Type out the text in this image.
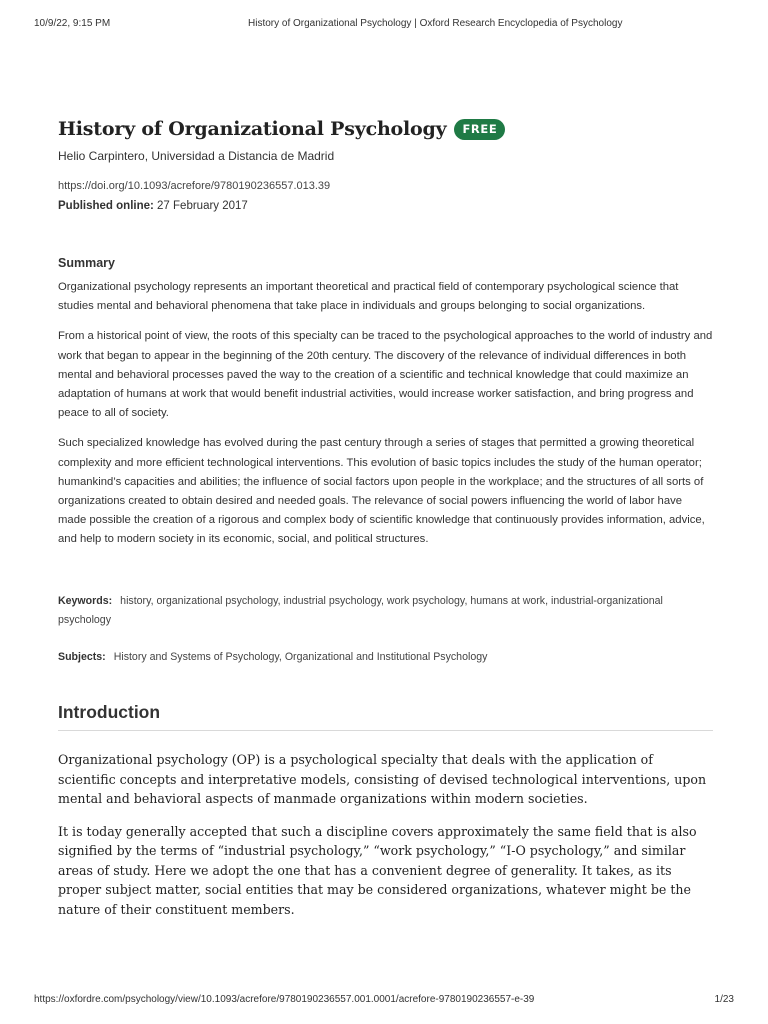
10/9/22, 9:15 PM	History of Organizational Psychology | Oxford Research Encyclopedia of Psychology
History of Organizational Psychology	FREE
Helio Carpintero, Universidad a Distancia de Madrid
https://doi.org/10.1093/acrefore/9780190236557.013.39
Published online: 27 February 2017
Summary

Organizational psychology represents an important theoretical and practical field of contemporary psychological science that studies mental and behavioral phenomena that take place in individuals and groups belonging to social organizations.

From a historical point of view, the roots of this specialty can be traced to the psychological approaches to the world of industry and work that began to appear in the beginning of the 20th century. The discovery of the relevance of individual differences in both mental and behavioral processes paved the way to the creation of a scientific and technical knowledge that could maximize an adaptation of humans at work that would benefit industrial activities, would increase worker satisfaction, and bring progress and peace to all of society.

Such specialized knowledge has evolved during the past century through a series of stages that permitted a growing theoretical complexity and more efficient technological interventions. This evolution of basic topics includes the study of the human operator; humankind’s capacities and abilities; the influence of social factors upon people in the workplace; and the structures of all sorts of organizations created to obtain desired and needed goals. The relevance of social powers influencing the world of labor have made possible the creation of a rigorous and complex body of scientific knowledge that continuously provides information, advice, and help to modern society in its economic, social, and political structures.

Keywords: history, organizational psychology, industrial psychology, work psychology, humans at work, industrial-organizational psychology
Subjects: History and Systems of Psychology, Organizational and Institutional Psychology
Introduction

Organizational psychology (OP) is a psychological specialty that deals with the application of scientific concepts and interpretative models, consisting of devised technological interventions, upon mental and behavioral aspects of manmade organizations within modern societies.

It is today generally accepted that such a discipline covers approximately the same field that is also signified by the terms of “industrial psychology,” “work psychology,” “I-O psychology,” and similar areas of study. Here we adopt the one that has a convenient degree of generality. It takes, as its proper subject matter, social entities that may be considered organizations, whatever might be the nature of their constituent members.

https://oxfordre.com/psychology/view/10.1093/acrefore/9780190236557.001.0001/acrefore-9780190236557-e-39	1/23
